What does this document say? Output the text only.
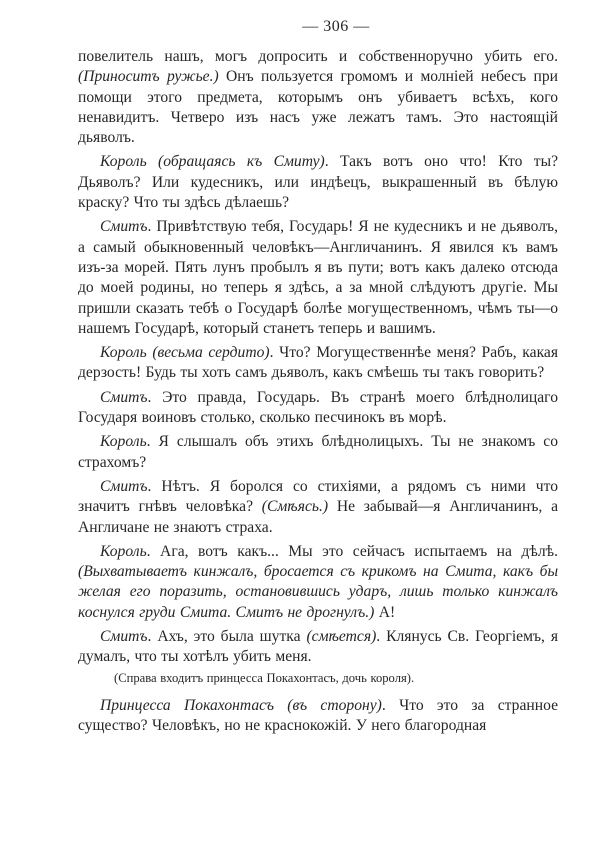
— 306 —

повелитель нашъ, могъ допросить и собственноручно убить его. (Приноситъ ружье.) Онъ пользуется громомъ и молніей небесъ при помощи этого предмета, которымъ онъ убиваетъ всѣхъ, кого ненавидитъ. Четверо изъ насъ уже лежатъ тамъ. Это настоящій дьяволъ.

Король (обращаясь къ Смиту). Такъ вотъ оно что! Кто ты? Дьяволъ? Или кудесникъ, или индѣецъ, выкрашенный въ бѣлую краску? Что ты здѣсь дѣлаешь?

Смитъ. Привѣтствую тебя, Государь! Я не кудесникъ и не дьяволъ, а самый обыкновенный человѣкъ—Англичанинъ. Я явился къ вамъ изъ-за морей. Пять лунъ пробылъ я въ пути; вотъ какъ далеко отсюда до моей родины, но теперь я здѣсь, а за мной слѣдуютъ другіе. Мы пришли сказать тебѣ о Государѣ болѣе могущественномъ, чѣмъ ты—о нашемъ Государѣ, который станетъ теперь и вашимъ.

Король (весьма сердито). Что? Могущественнѣе меня? Рабъ, какая дерзость! Будь ты хоть самъ дьяволъ, какъ смѣешь ты такъ говорить?

Смитъ. Это правда, Государь. Въ странѣ моего блѣднолицаго Государя воиновъ столько, сколько песчинокъ въ морѣ.

Король. Я слышалъ объ этихъ блѣднолицыхъ. Ты не знакомъ со страхомъ?

Смитъ. Нѣтъ. Я боролся со стихіями, а рядомъ съ ними что значитъ гнѣвъ человѣка? (Смѣясь.) Не забывай—я Англичанинъ, а Англичане не знаютъ страха.

Король. Ага, вотъ какъ... Мы это сейчасъ испытаемъ на дѣлѣ. (Выхватываетъ кинжалъ, бросается съ крикомъ на Смита, какъ бы желая его поразить, остановившись ударъ, лишь только кинжалъ коснулся груди Смита. Смитъ не дрогнулъ.) А!

Смитъ. Ахъ, это была шутка (смѣется). Клянусь Св. Георгіемъ, я думалъ, что ты хотѣлъ убить меня.

(Справа входитъ принцесса Покахонтасъ, дочь короля).

Принцесса Покахонтасъ (въ сторону). Что это за странное существо? Человѣкъ, но не краснокожій. У него благородная
